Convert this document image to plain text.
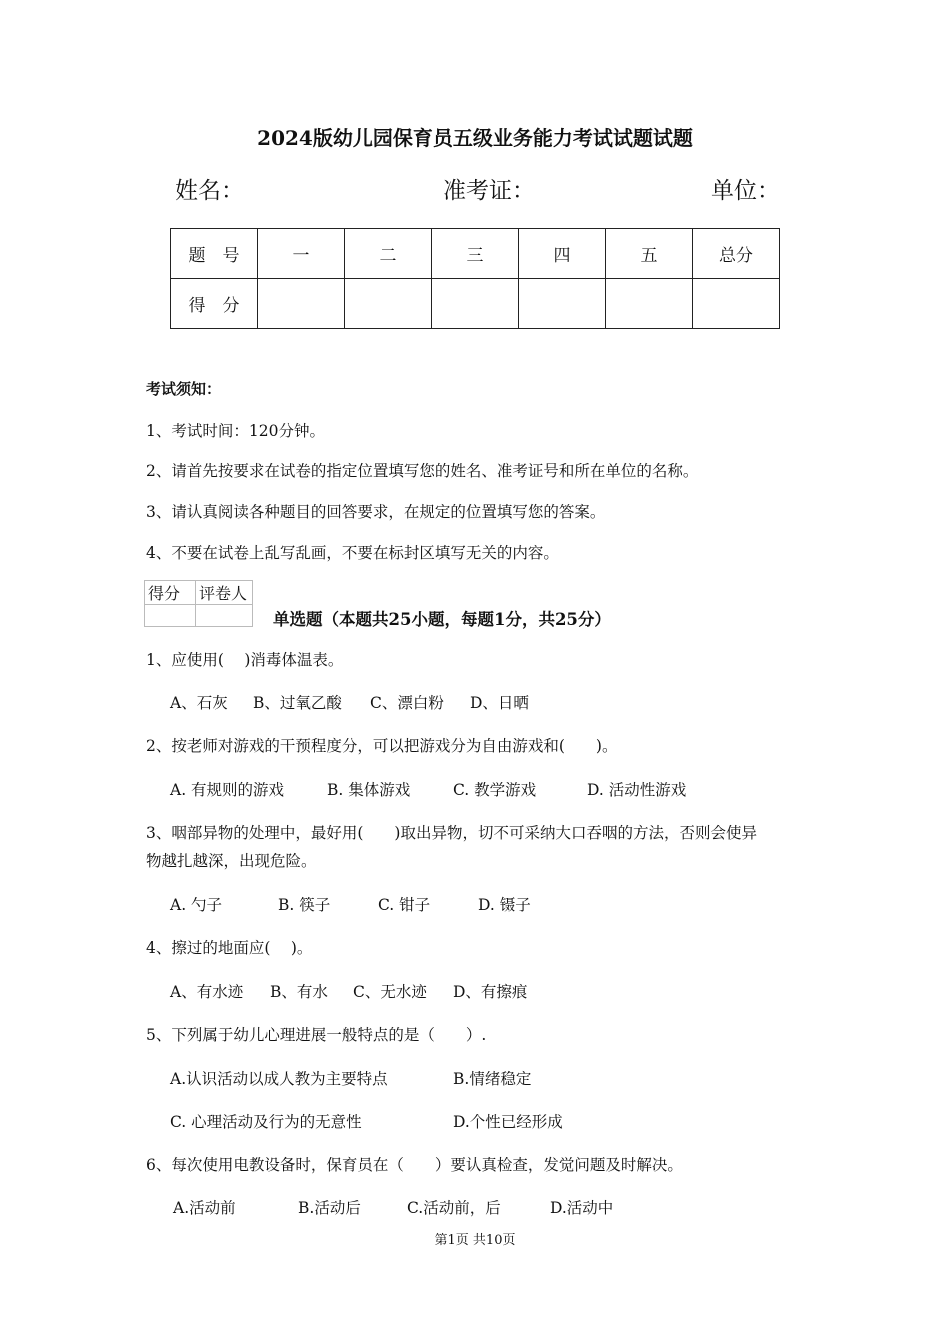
2024版幼儿园保育员五级业务能力考试试题试题
姓名：	准考证：	单位：
题　号	一	二	三	四	五	总分
得　分						
考试须知：
1、考试时间：120分钟。
2、请首先按要求在试卷的指定位置填写您的姓名、准考证号和所在单位的名称。
3、请认真阅读各种题目的回答要求，在规定的位置填写您的答案。
4、不要在试卷上乱写乱画，不要在标封区填写无关的内容。
得分	评卷人

单选题（本题共25小题，每题1分，共25分）
1、应使用(　 )消毒体温表。
A、石灰 B、过氧乙酸 C、漂白粉 D、日晒
2、按老师对游戏的干预程度分，可以把游戏分为自由游戏和(　　)。
A. 有规则的游戏	B. 集体游戏	C. 教学游戏	D. 活动性游戏
3、咽部异物的处理中，最好用(　　)取出异物，切不可采纳大口吞咽的方法，否则会使异
物越扎越深，出现危险。
A. 勺子	B. 筷子	C. 钳子	D. 镊子
4、擦过的地面应(　 )。
A、有水迹 B、有水 C、无水迹 D、有擦痕
5、下列属于幼儿心理进展一般特点的是（　　）.
A.认识活动以成人教为主要特点	B.情绪稳定
C. 心理活动及行为的无意性	D.个性已经形成
6、每次使用电教设备时，保育员在（　　）要认真检查，发觉问题及时解决。
A.活动前	B.活动后	C.活动前，后	D.活动中
第1页 共10页
